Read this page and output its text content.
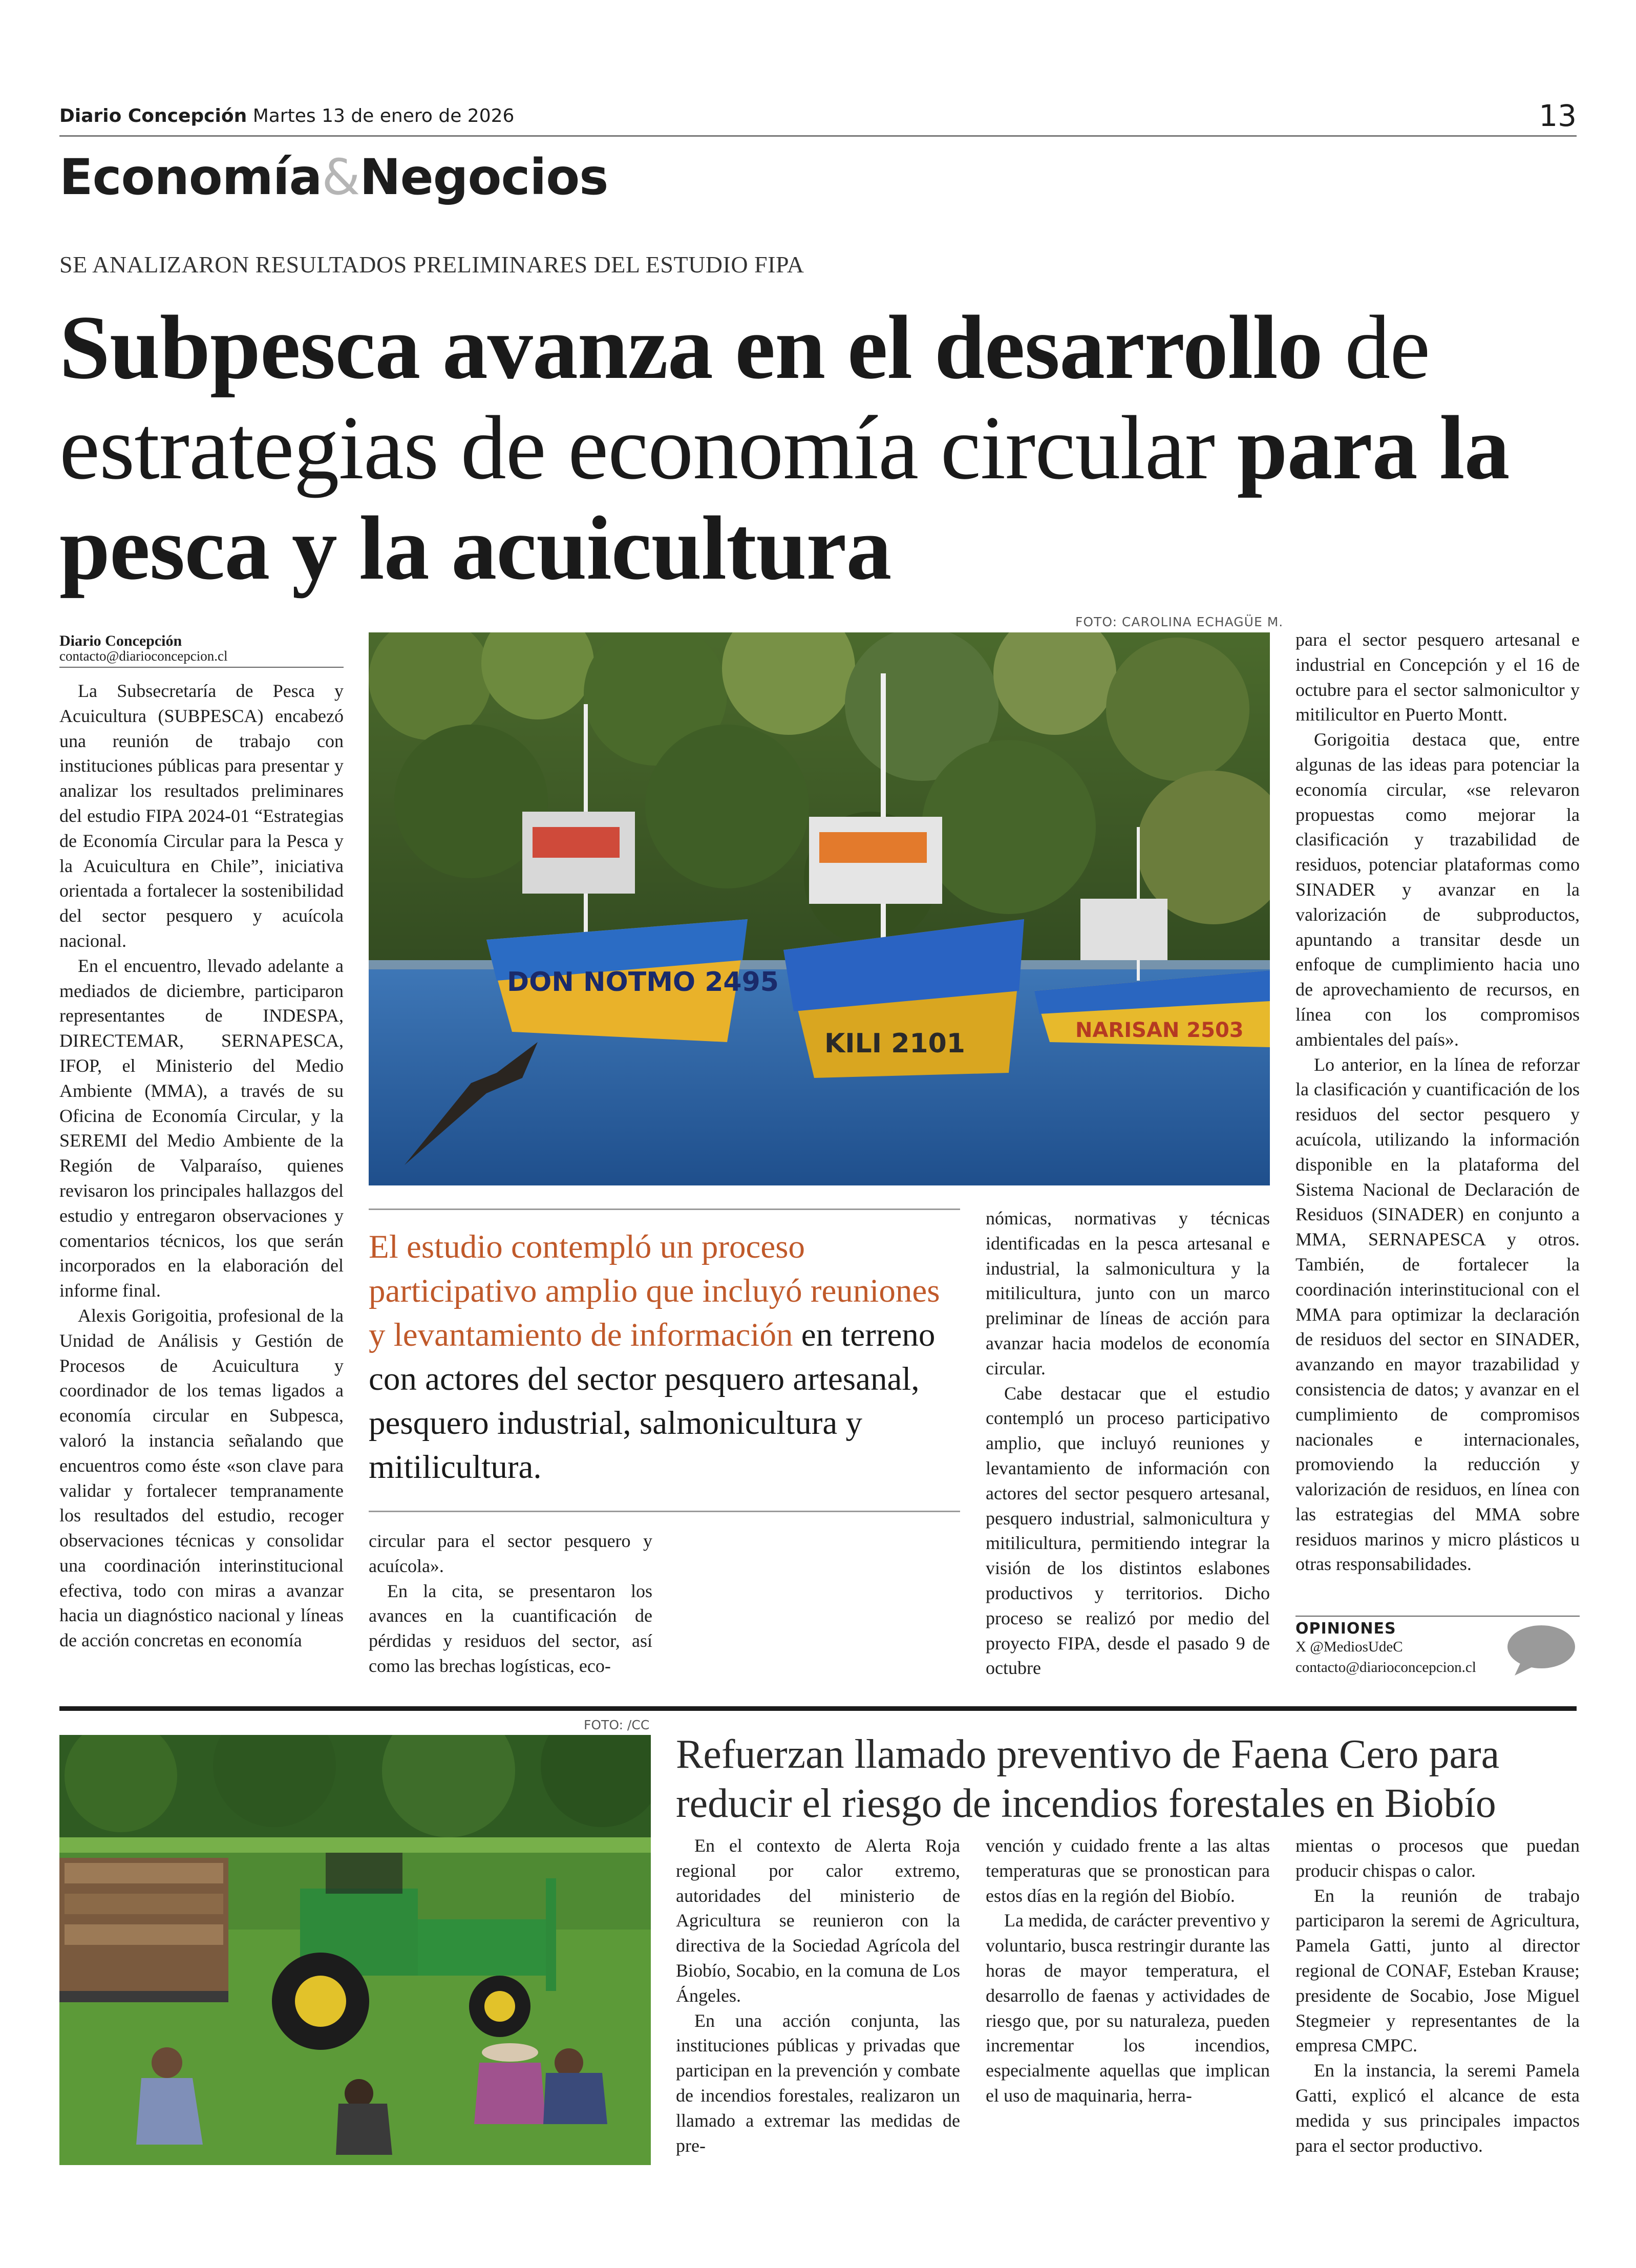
Diario Concepción Martes 13 de enero de 2026	13
Economía&Negocios
SE ANALIZARON RESULTADOS PRELIMINARES DEL ESTUDIO FIPA
Subpesca avanza en el desarrollo de estrategias de economía circular para la pesca y la acuicultura
Diario Concepción
contacto@diarioconcepcion.cl

La Subsecretaría de Pesca y Acuicultura (SUBPESCA) encabezó una reunión de trabajo con instituciones públicas para presentar y analizar los resultados preliminares del estudio FIPA 2024-01 “Estrategias de Economía Circular para la Pesca y la Acuicultura en Chile”, iniciativa orientada a fortalecer la sostenibilidad del sector pesquero y acuícola nacional.

En el encuentro, llevado adelante a mediados de diciembre, participaron representantes de INDESPA, DIRECTEMAR, SERNAPESCA, IFOP, el Ministerio del Medio Ambiente (MMA), a través de su Oficina de Economía Circular, y la SEREMI del Medio Ambiente de la Región de Valparaíso, quienes revisaron los principales hallazgos del estudio y entregaron observaciones y comentarios técnicos, los que serán incorporados en la elaboración del informe final.

Alexis Gorigoitia, profesional de la Unidad de Análisis y Gestión de Procesos de Acuicultura y coordinador de los temas ligados a economía circular en Subpesca, valoró la instancia señalando que encuentros como éste «son clave para validar y fortalecer tempranamente los resultados del estudio, recoger observaciones técnicas y consolidar una coordinación interinstitucional efectiva, todo con miras a avanzar hacia un diagnóstico nacional y líneas de acción concretas en economía

FOTO: CAROLINA ECHAGÜE M.
DON NOTMO 2495
KILI 2101	NARISAN 2503
El estudio contempló un proceso participativo amplio que incluyó reuniones y levantamiento de información en terreno con actores del sector pesquero artesanal, pesquero industrial, salmonicultura y mitilicultura.

circular para el sector pesquero y acuícola».

En la cita, se presentaron los avances en la cuantificación de pérdidas y residuos del sector, así como las brechas logísticas, eco-

nómicas, normativas y técnicas identificadas en la pesca artesanal e industrial, la salmonicultura y la mitilicultura, junto con un marco preliminar de líneas de acción para avanzar hacia modelos de economía circular.

Cabe destacar que el estudio contempló un proceso participativo amplio, que incluyó reuniones y levantamiento de información con actores del sector pesquero artesanal, pesquero industrial, salmonicultura y mitilicultura, permitiendo integrar la visión de los distintos eslabones productivos y territorios. Dicho proceso se realizó por medio del proyecto FIPA, desde el pasado 9 de octubre

para el sector pesquero artesanal e industrial en Concepción y el 16 de octubre para el sector salmonicultor y mitilicultor en Puerto Montt.

Gorigoitia destaca que, entre algunas de las ideas para potenciar la economía circular, «se relevaron propuestas como mejorar la clasificación y trazabilidad de residuos, potenciar plataformas como SINADER y avanzar en la valorización de subproductos, apuntando a transitar desde un enfoque de cumplimiento hacia uno de aprovechamiento de recursos, en línea con los compromisos ambientales del país».

Lo anterior, en la línea de reforzar la clasificación y cuantificación de los residuos del sector pesquero y acuícola, utilizando la información disponible en la plataforma del Sistema Nacional de Declaración de Residuos (SINADER) en conjunto a MMA, SERNAPESCA y otros. También, de fortalecer la coordinación interinstitucional con el MMA para optimizar la declaración de residuos del sector en SINADER, avanzando en mayor trazabilidad y consistencia de datos; y avanzar en el cumplimiento de compromisos nacionales e internacionales, promoviendo la reducción y valorización de residuos, en línea con las estrategias del MMA sobre residuos marinos y micro plásticos u otras responsabilidades.

OPINIONES
X @MediosUdeC
contacto@diarioconcepcion.cl
FOTO: /CC
Refuerzan llamado preventivo de Faena Cero para reducir el riesgo de incendios forestales en Biobío

En el contexto de Alerta Roja regional por calor extremo, autoridades del ministerio de Agricultura se reunieron con la directiva de la Sociedad Agrícola del Biobío, Socabio, en la comuna de Los Ángeles.

En una acción conjunta, las instituciones públicas y privadas que participan en la prevención y combate de incendios forestales, realizaron un llamado a extremar las medidas de pre-

vención y cuidado frente a las altas temperaturas que se pronostican para estos días en la región del Biobío.

La medida, de carácter preventivo y voluntario, busca restringir durante las horas de mayor temperatura, el desarrollo de faenas y actividades de riesgo que, por su naturaleza, pueden incrementar los incendios, especialmente aquellas que implican el uso de maquinaria, herra-

mientas o procesos que puedan producir chispas o calor.

En la reunión de trabajo participaron la seremi de Agricultura, Pamela Gatti, junto al director regional de CONAF, Esteban Krause; presidente de Socabio, Jose Miguel Stegmeier y representantes de la empresa CMPC.

En la instancia, la seremi Pamela Gatti, explicó el alcance de esta medida y sus principales impactos para el sector productivo.
